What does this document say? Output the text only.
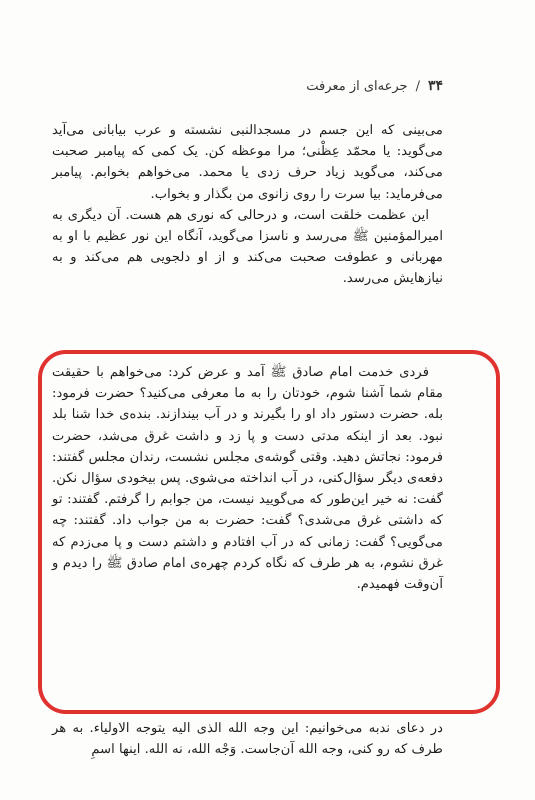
۳۴
/
جرعه‌ای از معرفت

می‌بینی که این جسم در مسجدالنبی نشسته و عرب بیابانی می‌آید می‌گوید: یا محمّد عِظْنی؛ مرا موعظه کن. یک کمی که پیامبر صحبت می‌کند، می‌گوید زیاد حرف زدی یا محمد. می‌خواهم بخوابم. پیامبر می‌فرماید: بیا سرت را روی زانوی من بگذار و بخواب.

این عظمت خلقت است، و درحالی که نوری هم هست. آن دیگری به امیرالمؤمنین ﷺ می‌رسد و ناسزا می‌گوید، آنگاه این نور عظیم با او به مهربانی و عطوفت صحبت می‌کند و از او دلجویی هم می‌کند و به نیازهایش می‌رسد.

فردی خدمت امام صادق ﷺ آمد و عرض کرد: می‌خواهم با حقیقت مقام شما آشنا شوم، خودتان را به ما معرفی می‌کنید؟ حضرت فرمود: بله. حضرت دستور داد او را بگیرند و در آب بیندازند. بنده‌ی خدا شنا بلد نبود. بعد از اینکه مدتی دست و پا زد و داشت غرق می‌شد، حضرت فرمود: نجاتش دهید. وقتی گوشه‌ی مجلس نشست، رندان مجلس گفتند: دفعه‌ی دیگر سؤال‌کنی، در آب انداخته می‌شوی. پس بیخودی سؤال نکن. گفت: نه خیر این‌طور که می‌گویید نیست، من جوابم را گرفتم. گفتند: تو که داشتی غرق می‌شدی؟ گفت: حضرت به من جواب داد. گفتند: چه می‌گویی؟ گفت: زمانی که در آب افتادم و داشتم دست و پا می‌زدم که غرق نشوم، به هر طرف که نگاه کردم چهره‌ی امام صادق ﷺ را دیدم و آن‌وقت فهمیدم.

در دعای ندبه می‌خوانیم: این وجه الله الذی الیه یتوجه الاولیاء. به هر طرف که رو کنی، وجه الله آن‌جاست. وَجْه الله، نه الله. اینها اسمِ
